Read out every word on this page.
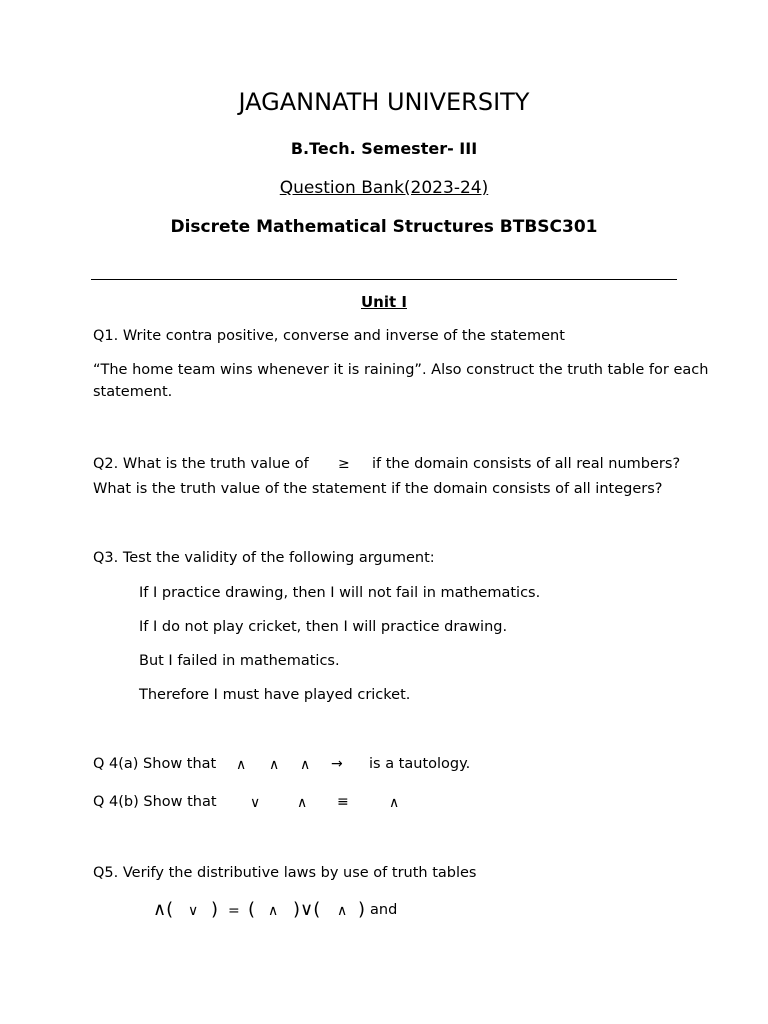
JAGANNATH UNIVERSITY
B.Tech. Semester- III
Question Bank(2023-24)
Discrete Mathematical Structures BTBSC301
Unit I
Q1. Write contra positive, converse and inverse of the statement
“The home team wins whenever it is raining”. Also construct the truth table for each
statement.
Q2. What is the truth value of ≥ if the domain consists of all real numbers?
What is the truth value of the statement if the domain consists of all integers?
Q3. Test the validity of the following argument:
If I practice drawing, then I will not fail in mathematics.
If I do not play cricket, then I will practice drawing.
But I failed in mathematics.
Therefore I must have played cricket.
Q 4(a) Show that ∧ ∧ ∧ → is a tautology.
Q 4(b) Show that ∨	∧ ≡	∧
Q5. Verify the distributive laws by use of truth tables
∧( ∨ ) = ( ∧ )∨( ∧ ) and
